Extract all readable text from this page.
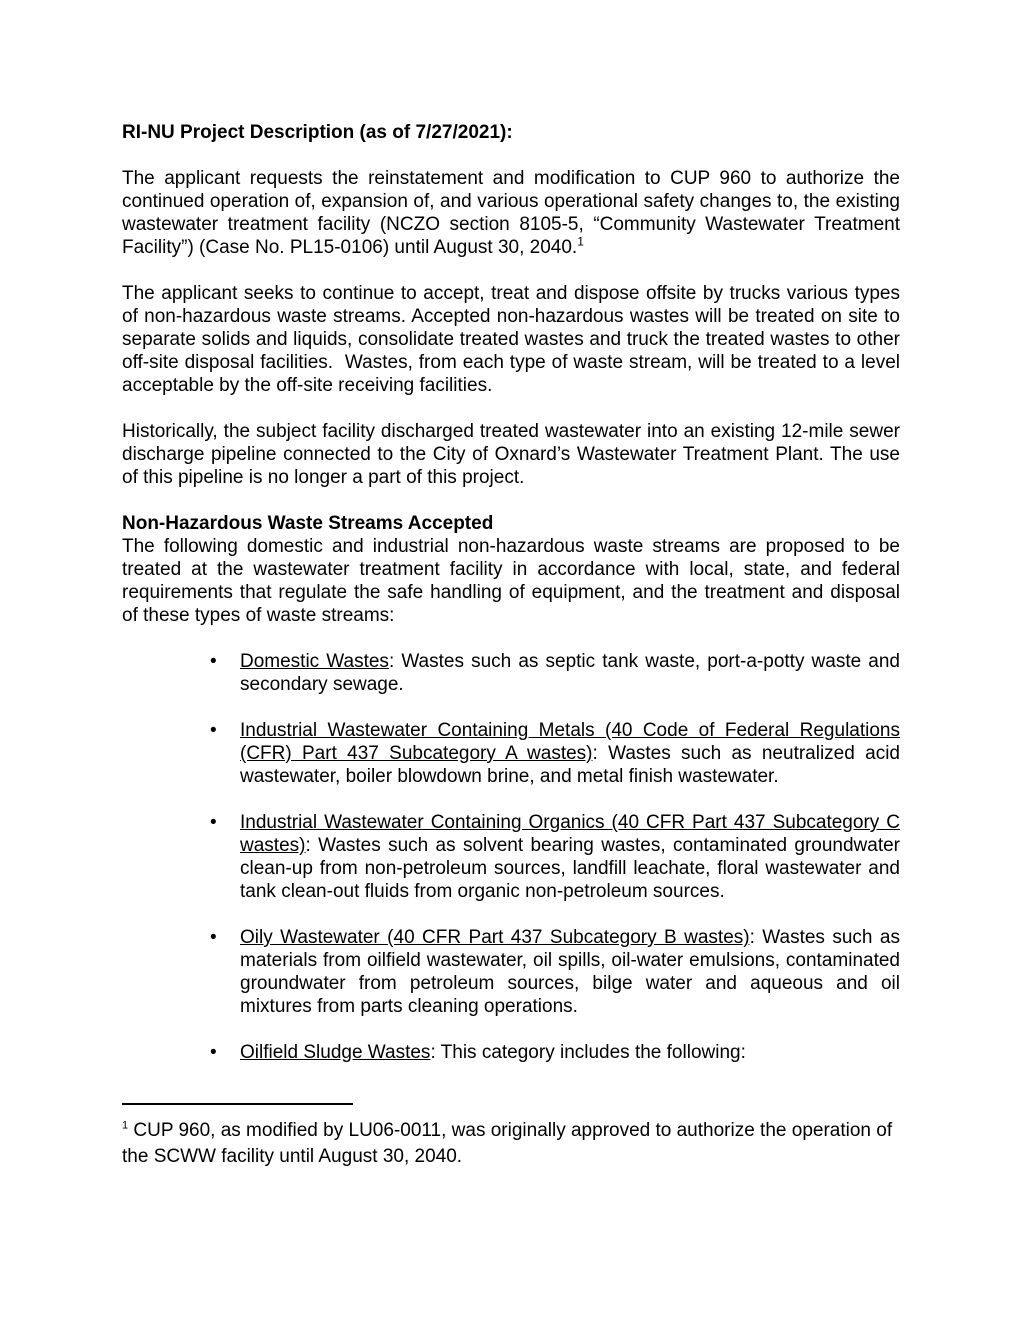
RI-NU Project Description (as of 7/27/2021):

The applicant requests the reinstatement and modification to CUP 960 to authorize the continued operation of, expansion of, and various operational safety changes to, the existing wastewater treatment facility (NCZO section 8105-5, “Community Wastewater Treatment Facility”) (Case No. PL15-0106) until August 30, 2040.$^1$

The applicant seeks to continue to accept, treat and dispose offsite by trucks various types of non-hazardous waste streams. Accepted non-hazardous wastes will be treated on site to separate solids and liquids, consolidate treated wastes and truck the treated wastes to other off-site disposal facilities.  Wastes, from each type of waste stream, will be treated to a level acceptable by the off-site receiving facilities.

Historically, the subject facility discharged treated wastewater into an existing 12-mile sewer discharge pipeline connected to the City of Oxnard’s Wastewater Treatment Plant. The use of this pipeline is no longer a part of this project.

Non-Hazardous Waste Streams Accepted

The following domestic and industrial non-hazardous waste streams are proposed to be treated at the wastewater treatment facility in accordance with local, state, and federal requirements that regulate the safe handling of equipment, and the treatment and disposal of these types of waste streams:

• Domestic Wastes: Wastes such as septic tank waste, port-a-potty waste and secondary sewage.
• Industrial Wastewater Containing Metals (40 Code of Federal Regulations (CFR) Part 437 Subcategory A wastes): Wastes such as neutralized acid wastewater, boiler blowdown brine, and metal finish wastewater.
• Industrial Wastewater Containing Organics (40 CFR Part 437 Subcategory C wastes): Wastes such as solvent bearing wastes, contaminated groundwater clean-up from non-petroleum sources, landfill leachate, floral wastewater and tank clean-out fluids from organic non-petroleum sources.
• Oily Wastewater (40 CFR Part 437 Subcategory B wastes): Wastes such as materials from oilfield wastewater, oil spills, oil-water emulsions, contaminated groundwater from petroleum sources, bilge water and aqueous and oil mixtures from parts cleaning operations.
• Oilfield Sludge Wastes: This category includes the following:

$^1$ CUP 960, as modified by LU06-0011, was originally approved to authorize the operation of the SCWW facility until August 30, 2040.
